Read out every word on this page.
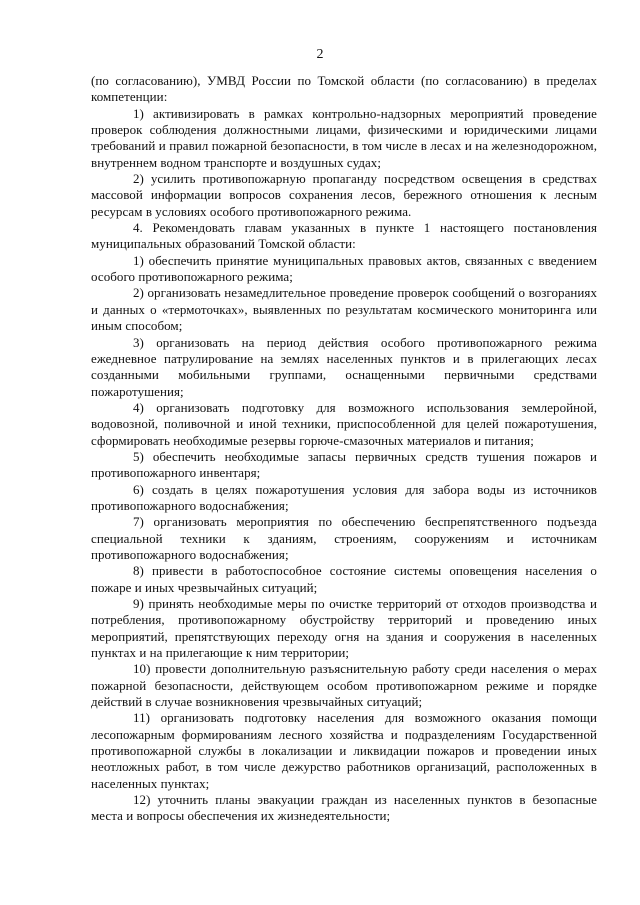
2

(по согласованию), УМВД России по Томской области (по согласованию) в пределах компетенции:

1) активизировать в рамках контрольно-надзорных мероприятий проведение проверок соблюдения должностными лицами, физическими и юридическими лицами требований и правил пожарной безопасности, в том числе в лесах и на железнодорожном, внутреннем водном транспорте и воздушных судах;

2) усилить противопожарную пропаганду посредством освещения в средствах массовой информации вопросов сохранения лесов, бережного отношения к лесным ресурсам в условиях особого противопожарного режима.

4. Рекомендовать главам указанных в пункте 1 настоящего постановления муниципальных образований Томской области:

1) обеспечить принятие муниципальных правовых актов, связанных с введением особого противопожарного режима;

2) организовать незамедлительное проведение проверок сообщений о возгораниях и данных о «термоточках», выявленных по результатам космического мониторинга или иным способом;

3) организовать на период действия особого противопожарного режима ежедневное патрулирование на землях населенных пунктов и в прилегающих лесах созданными мобильными группами, оснащенными первичными средствами пожаротушения;

4) организовать подготовку для возможного использования землеройной, водовозной, поливочной и иной техники, приспособленной для целей пожаротушения, сформировать необходимые резервы горюче-смазочных материалов и питания;

5) обеспечить необходимые запасы первичных средств тушения пожаров и противопожарного инвентаря;

6) создать в целях пожаротушения условия для забора воды из источников противопожарного водоснабжения;

7) организовать мероприятия по обеспечению беспрепятственного подъезда специальной техники к зданиям, строениям, сооружениям и источникам противопожарного водоснабжения;

8) привести в работоспособное состояние системы оповещения населения о пожаре и иных чрезвычайных ситуаций;

9) принять необходимые меры по очистке территорий от отходов производства и потребления, противопожарному обустройству территорий и проведению иных мероприятий, препятствующих переходу огня на здания и сооружения в населенных пунктах и на прилегающие к ним территории;

10) провести дополнительную разъяснительную работу среди населения о мерах пожарной безопасности, действующем особом противопожарном режиме и порядке действий в случае возникновения чрезвычайных ситуаций;

11) организовать подготовку населения для возможного оказания помощи лесопожарным формированиям лесного хозяйства и подразделениям Государственной противопожарной службы в локализации и ликвидации пожаров и проведении иных неотложных работ, в том числе дежурство работников организаций, расположенных в населенных пунктах;

12) уточнить планы эвакуации граждан из населенных пунктов в безопасные места и вопросы обеспечения их жизнедеятельности;
